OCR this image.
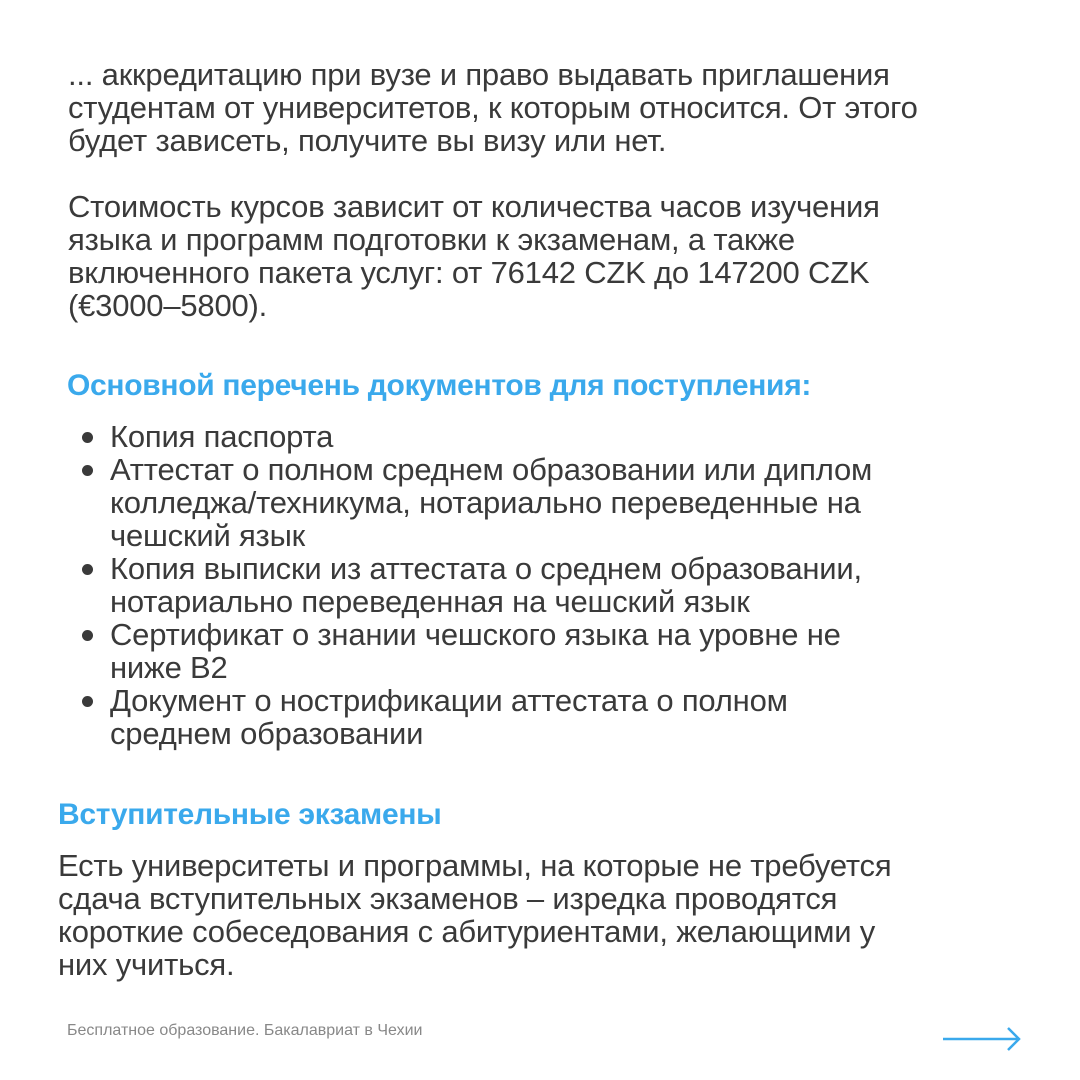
... аккредитацию при вузе и право выдавать приглашения
студентам от университетов, к которым относится. От этого
будет зависеть, получите вы визу или нет.
Стоимость курсов зависит от количества часов изучения
языка и программ подготовки к экзаменам, а также
включенного пакета услуг: от 76142 CZK до 147200 CZK
(€3000–5800).
Основной перечень документов для поступления:
Копия паспорта
Аттестат о полном среднем образовании или диплом
колледжа/техникума, нотариально переведенные на
чешский язык
Копия выписки из аттестата о среднем образовании,
нотариально переведенная на чешский язык
Сертификат о знании чешского языка на уровне не
ниже В2
Документ о нострификации аттестата о полном
среднем образовании
Вступительные экзамены
Есть университеты и программы, на которые не требуется
сдача вступительных экзаменов – изредка проводятся
короткие собеседования с абитуриентами, желающими у
них учиться.
Бесплатное образование. Бакалавриат в Чехии
